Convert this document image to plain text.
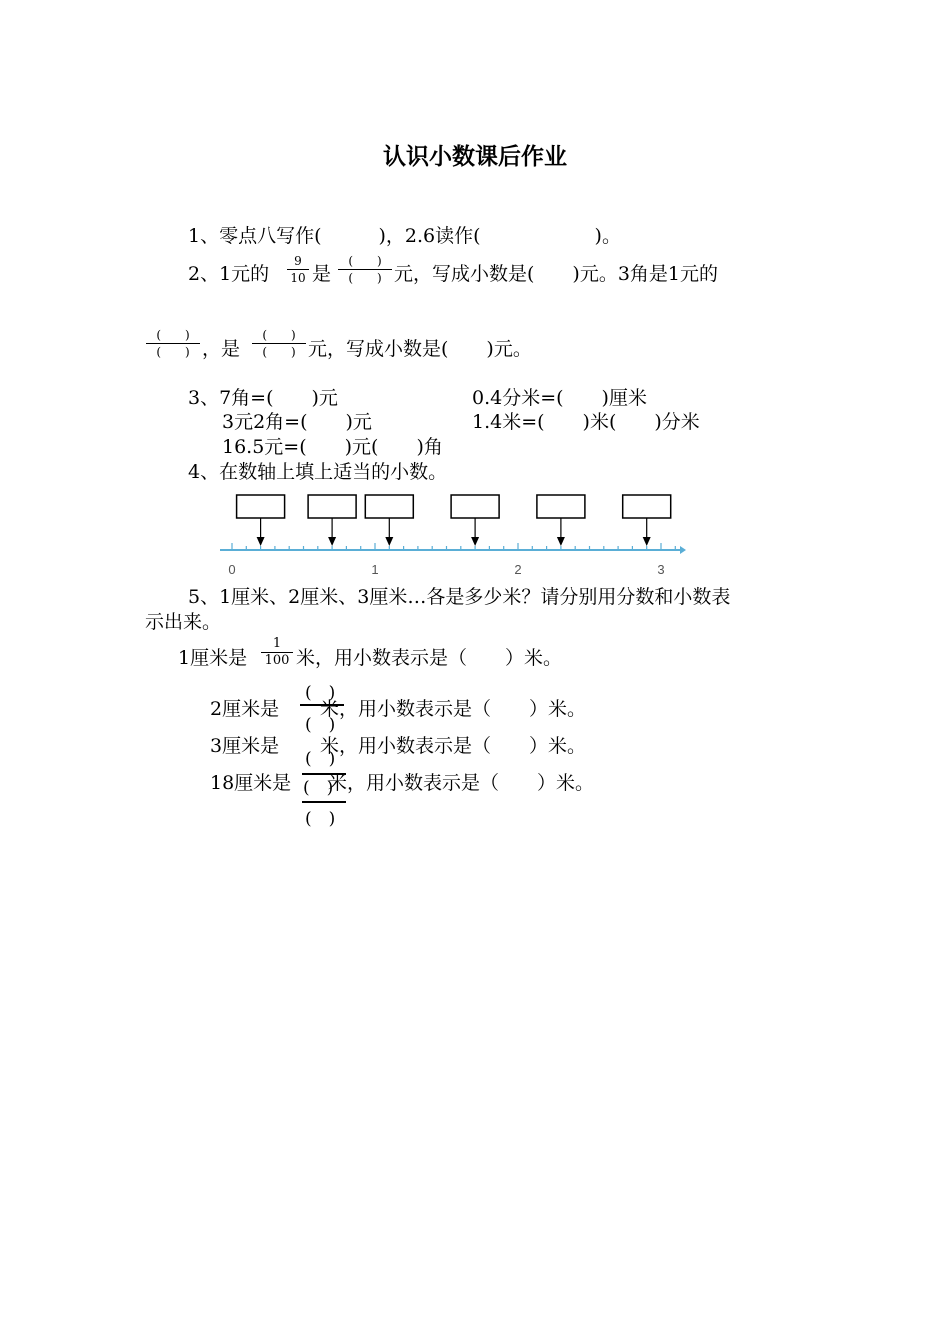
认识小数课后作业
1、零点八写作(　　　)，2.6读作(　　　　　　)。
2、1元的
9
10 是
(　　)
(　　) 元，写成小数是(　　)元。3角是1元的
(　　)
(　　) ，是
(　　)
(　　) 元，写成小数是(　　)元。
3、7角=(　　)元	0.4分米=(　　)厘米
3元2角=(　　)元	1.4米=(　　)米(　　)分米
16.5元=(　　)元(　　)角
4、在数轴上填上适当的小数。
0	1	2	3
5、1厘米、2厘米、3厘米…各是多少米？请分别用分数和小数表
示出来。
1厘米是
1
100 米，用小数表示是（　　）米。
2厘米是 米，用小数表示是（　　）米。
3厘米是 米，用小数表示是（　　）米。
18厘米是 米，用小数表示是（　　）米。
(　)
(　)
(　)
(　)
(　)
